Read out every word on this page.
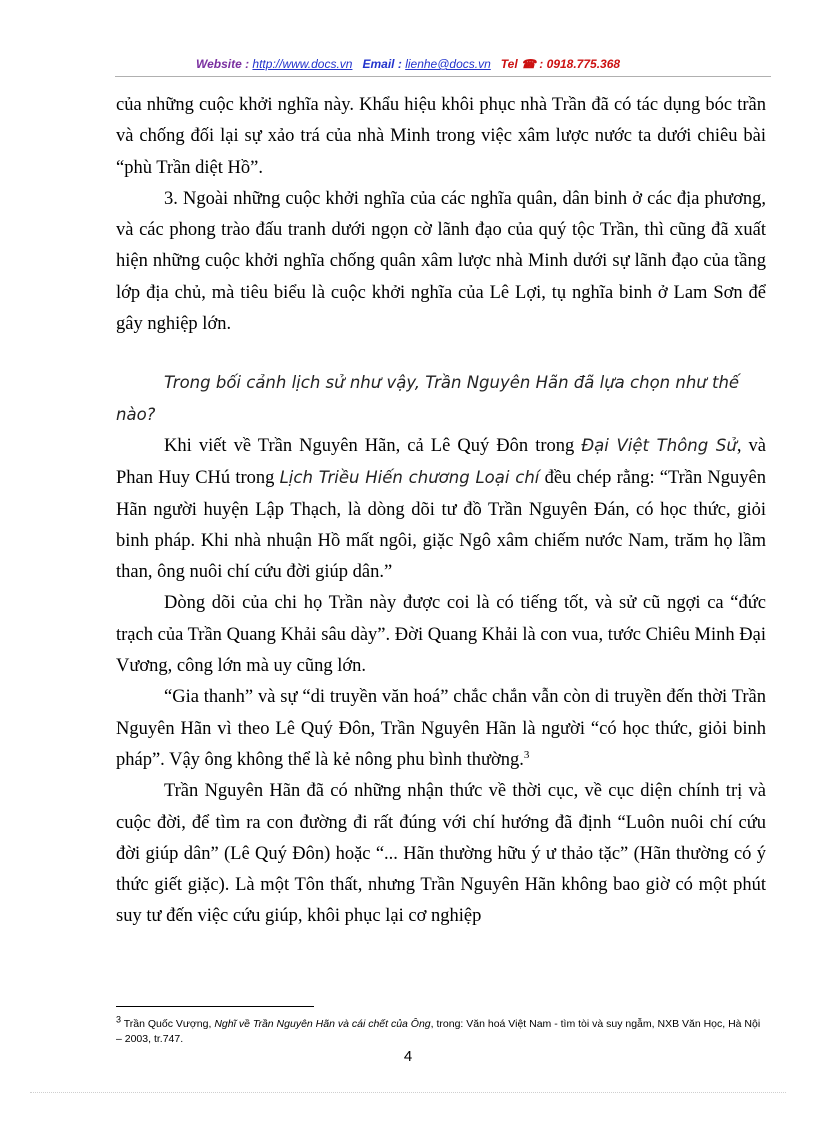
Website : http://www.docs.vn Email : lienhe@docs.vn Tel ☎ : 0918.775.368

của những cuộc khởi nghĩa này. Khẩu hiệu khôi phục nhà Trần đã có tác dụng bóc trần và chống đối lại sự xảo trá của nhà Minh trong việc xâm lược nước ta dưới chiêu bài “phù Trần diệt Hồ”.

3. Ngoài những cuộc khởi nghĩa của các nghĩa quân, dân binh ở các địa phương, và các phong trào đấu tranh dưới ngọn cờ lãnh đạo của quý tộc Trần, thì cũng đã xuất hiện những cuộc khởi nghĩa chống quân xâm lược nhà Minh dưới sự lãnh đạo của tầng lớp địa chủ, mà tiêu biểu là cuộc khởi nghĩa của Lê Lợi, tụ nghĩa binh ở Lam Sơn để gây nghiệp lớn.

Trong bối cảnh lịch sử như vậy, Trần Nguyên Hãn đã lựa chọn như thế

nào?

Khi viết về Trần Nguyên Hãn, cả Lê Quý Đôn trong Đại Việt Thông Sử, và Phan Huy CHú trong Lịch Triều Hiến chương Loại chí đều chép rằng: “Trần Nguyên Hãn người huyện Lập Thạch, là dòng dõi tư đồ Trần Nguyên Đán, có học thức, giỏi binh pháp. Khi nhà nhuận Hồ mất ngôi, giặc Ngô xâm chiếm nước Nam, trăm họ lầm than, ông nuôi chí cứu đời giúp dân.”

Dòng dõi của chi họ Trần này được coi là có tiếng tốt, và sử cũ ngợi ca “đức trạch của Trần Quang Khải sâu dày”. Đời Quang Khải là con vua, tước Chiêu Minh Đại Vương, công lớn mà uy cũng lớn.

“Gia thanh” và sự “di truyền văn hoá” chắc chắn vẫn còn di truyền đến thời Trần Nguyên Hãn vì theo Lê Quý Đôn, Trần Nguyên Hãn là người “có học thức, giỏi binh pháp”. Vậy ông không thể là kẻ nông phu bình thường.$^3$

Trần Nguyên Hãn đã có những nhận thức về thời cục, về cục diện chính trị và cuộc đời, để tìm ra con đường đi rất đúng với chí hướng đã định “Luôn nuôi chí cứu đời giúp dân” (Lê Quý Đôn) hoặc “... Hãn thường hữu ý ư thảo tặc” (Hãn thường có ý thức giết giặc). Là một Tôn thất, nhưng Trần Nguyên Hãn không bao giờ có một phút suy tư đến việc cứu giúp, khôi phục lại cơ nghiệp

3 Trần Quốc Vượng, Nghĩ về Trần Nguyên Hãn và cái chết của Ông, trong: Văn hoá Việt Nam - tìm tòi và suy ngẫm, NXB Văn Học, Hà Nội – 2003, tr.747.
4
